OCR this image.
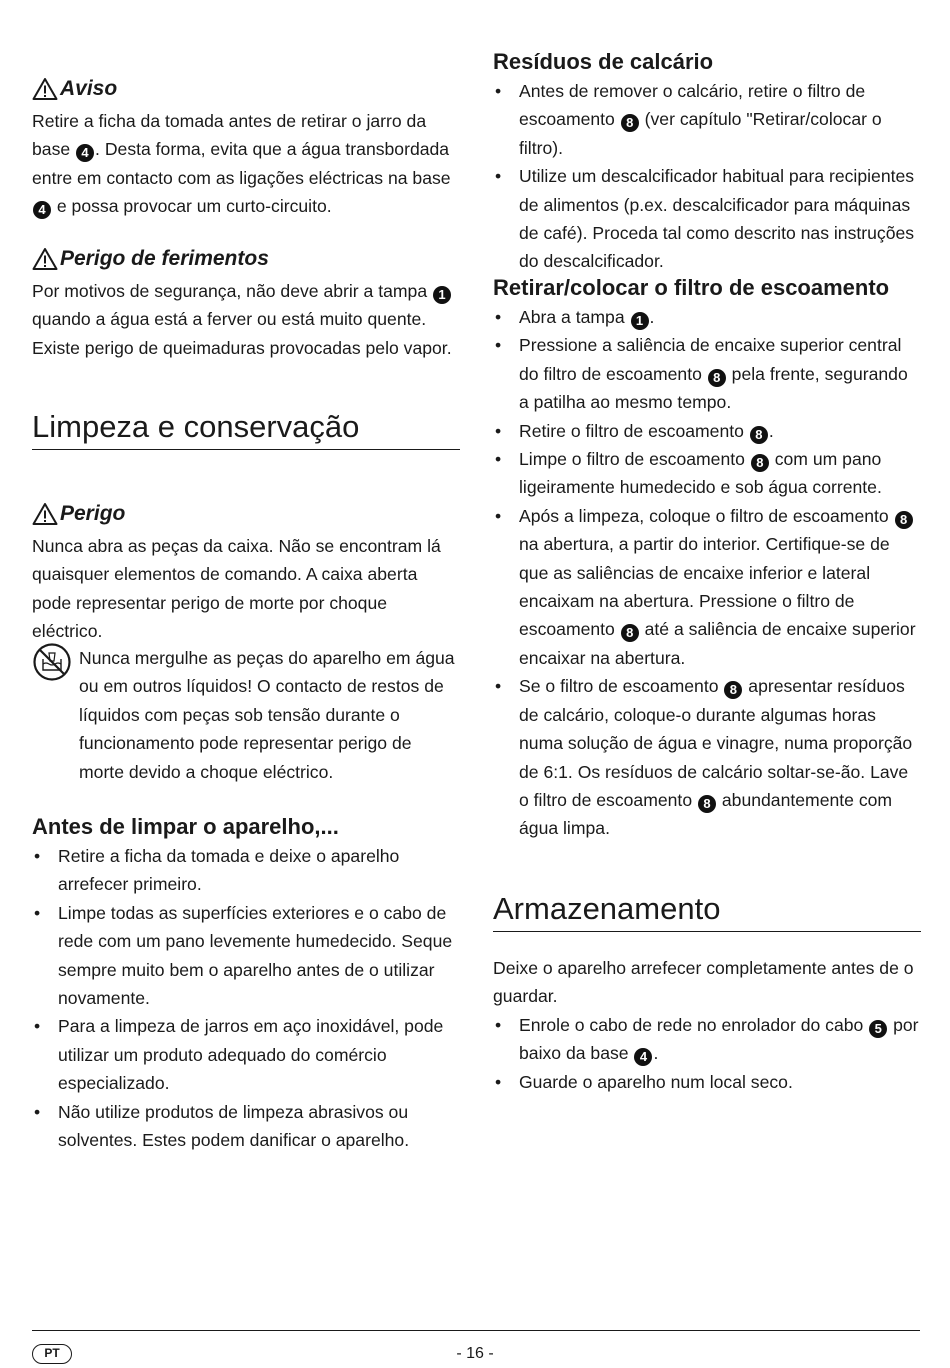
Aviso

Retire a ficha da tomada antes de retirar o jarro da base 4 . Desta forma, evita que a água transbordada entre em contacto com as ligações eléctricas na base 4 e possa provocar um curto-circuito.

Perigo de ferimentos

Por motivos de segurança, não deve abrir a tampa 1 quando a água está a ferver ou está muito quente. Existe perigo de queimaduras provocadas pelo vapor.

Limpeza e conservação
Perigo

Nunca abra as peças da caixa. Não se encontram lá quaisquer elementos de comando. A caixa aberta pode representar perigo de morte por choque eléctrico.

Nunca mergulhe as peças do aparelho em água ou em outros líquidos! O contacto de restos de líquidos com peças sob tensão durante o funcionamento pode representar perigo de morte devido a choque eléctrico.

Antes de limpar o aparelho,...
• Retire a ficha da tomada e deixe o aparelho arrefecer primeiro.
• Limpe todas as superfícies exteriores e o cabo de rede com um pano levemente humedecido. Seque sempre muito bem o aparelho antes de o utilizar novamente.
• Para a limpeza de jarros em aço inoxidável, pode utilizar um produto adequado do comércio especializado.
• Não utilize produtos de limpeza abrasivos ou solventes. Estes podem danificar o aparelho.
Resíduos de calcário
• Antes de remover o calcário, retire o filtro de escoamento 8 (ver capítulo "Retirar/colocar o filtro).
• Utilize um descalcificador habitual para recipientes de alimentos (p.ex. descalcificador para máquinas de café). Proceda tal como descrito nas instruções do descalcificador.
Retirar/colocar o filtro de escoamento
• Abra a tampa 1 .
• Pressione a saliência de encaixe superior central do filtro de escoamento 8 pela frente, segurando a patilha ao mesmo tempo.
• Retire o filtro de escoamento 8 .
• Limpe o filtro de escoamento 8 com um pano ligeiramente humedecido e sob água corrente.
• Após a limpeza, coloque o filtro de escoamento 8 na abertura, a partir do interior. Certifique-se de que as saliências de encaixe inferior e lateral encaixam na abertura. Pressione o filtro de escoamento 8 até a saliência de encaixe superior encaixar na abertura.
• Se o filtro de escoamento 8 apresentar resíduos de calcário, coloque-o durante algumas horas numa solução de água e vinagre, numa proporção de 6:1. Os resíduos de calcário soltar-se-ão. Lave o filtro de escoamento 8 abundantemente com água limpa.
Armazenamento

Deixe o aparelho arrefecer completamente antes de o guardar.

• Enrole o cabo de rede no enrolador do cabo 5 por baixo da base 4 .
• Guarde o aparelho num local seco.
PT	- 16 -
